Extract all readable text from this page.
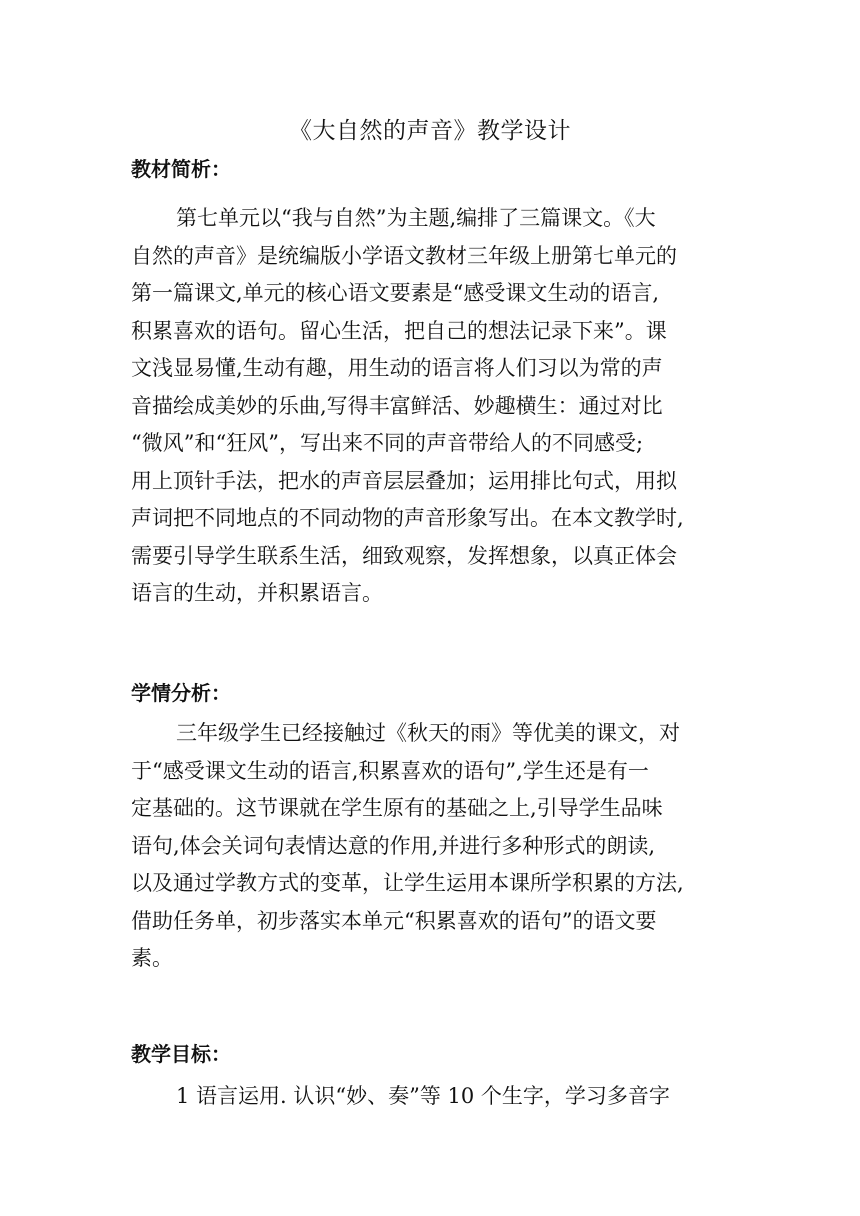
《大自然的声音》教学设计
教材简析：
第七单元以“我与自然”为主题,编排了三篇课文。《大
自然的声音》是统编版小学语文教材三年级上册第七单元的
第一篇课文,单元的核心语文要素是“感受课文生动的语言,
积累喜欢的语句。留心生活，把自己的想法记录下来”。课
文浅显易懂,生动有趣，用生动的语言将人们习以为常的声
音描绘成美妙的乐曲,写得丰富鲜活、妙趣横生：通过对比
“微风”和“狂风”，写出来不同的声音带给人的不同感受;
用上顶针手法，把水的声音层层叠加；运用排比句式，用拟
声词把不同地点的不同动物的声音形象写出。在本文教学时,
需要引导学生联系生活，细致观察，发挥想象，以真正体会
语言的生动，并积累语言。
学情分析：
三年级学生已经接触过《秋天的雨》等优美的课文，对
于“感受课文生动的语言,积累喜欢的语句”,学生还是有一
定基础的。这节课就在学生原有的基础之上,引导学生品味
语句,体会关词句表情达意的作用,并进行多种形式的朗读,
以及通过学教方式的变革，让学生运用本课所学积累的方法,
借助任务单，初步落实本单元“积累喜欢的语句”的语文要
素。
教学目标：
1 语言运用. 认识“妙、奏”等 10 个生字，学习多音字
